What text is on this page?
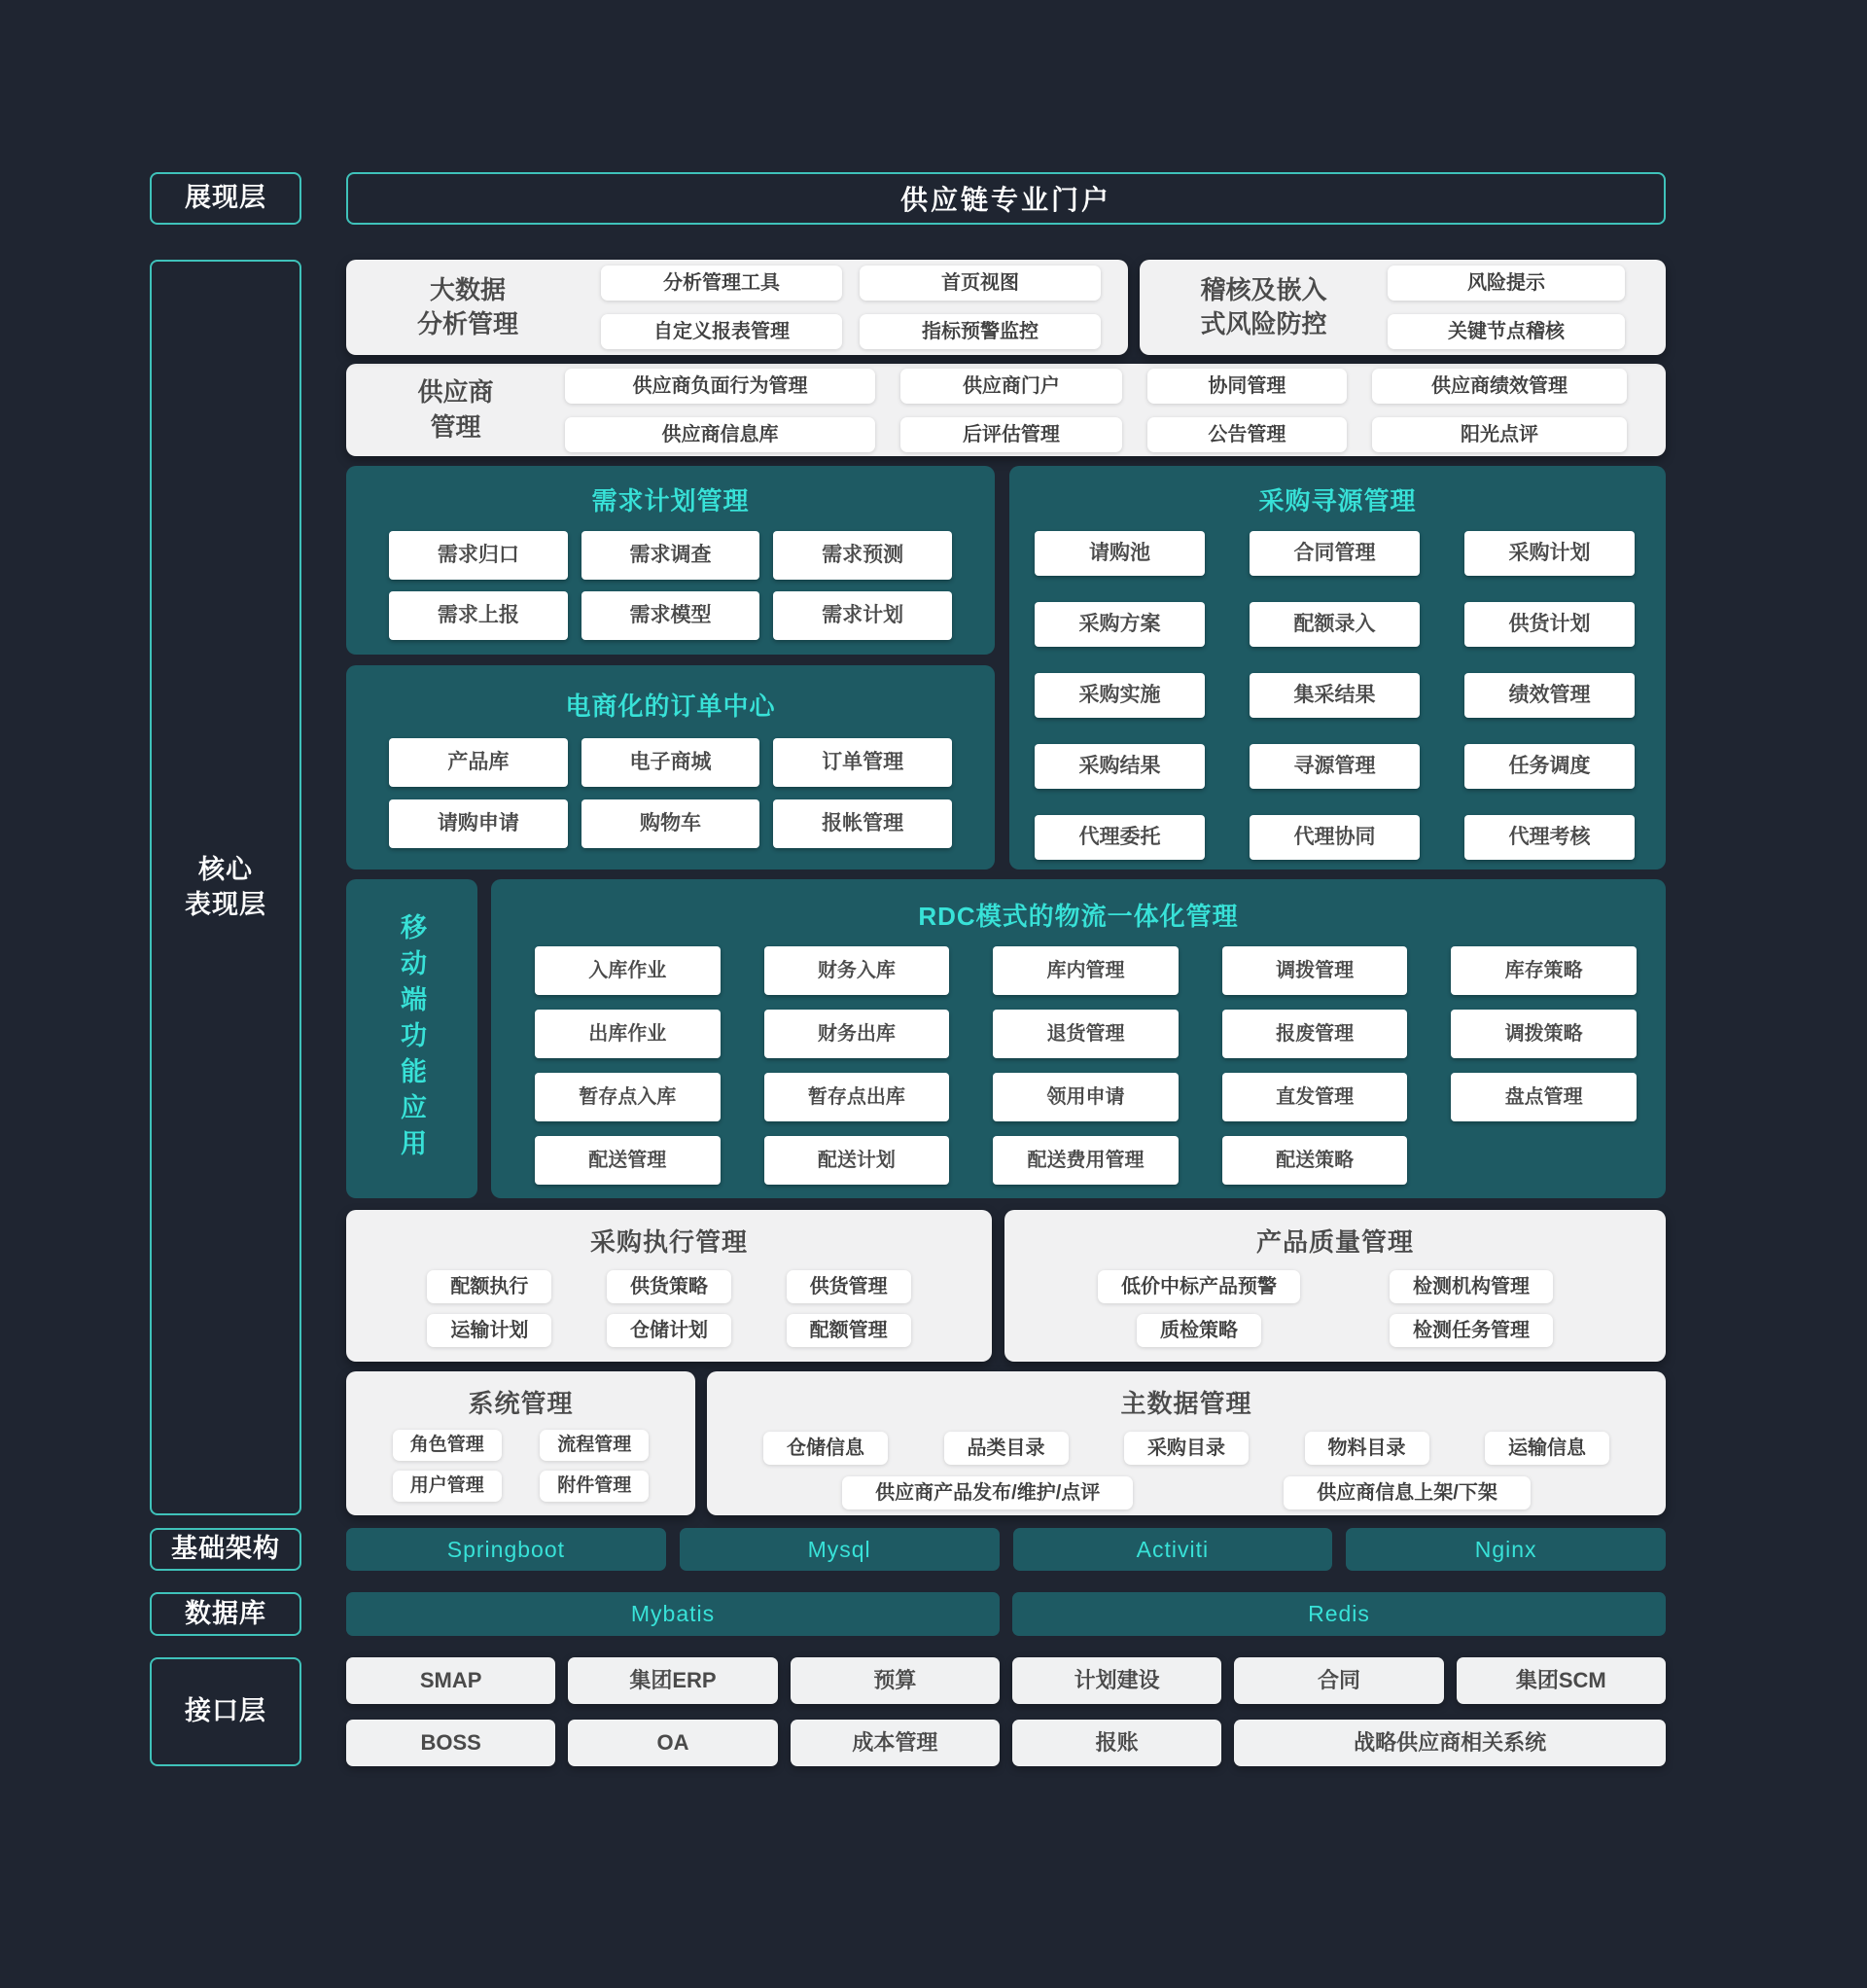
展现层
核心
表现层
基础架构
数据库
接口层
供应链专业门户
大数据
分析管理
分析管理工具	首页视图
自定义报表管理	指标预警监控
稽核及嵌入
式风险防控
风险提示
关键节点稽核
供应商
管理
供应商负面行为管理	供应商门户	协同管理	供应商绩效管理
供应商信息库	后评估管理	公告管理	阳光点评
需求计划管理
需求归口	需求调查	需求预测
需求上报	需求模型	需求计划
电商化的订单中心
产品库	电子商城	订单管理
请购申请	购物车	报帐管理
采购寻源管理
请购池	合同管理	采购计划
采购方案	配额录入	供货计划
采购实施	集采结果	绩效管理
采购结果	寻源管理	任务调度
代理委托	代理协同	代理考核
移动端功能应用	RDC模式的物流一体化管理
入库作业	财务入库	库内管理	调拨管理	库存策略
出库作业	财务出库	退货管理	报废管理	调拨策略
暂存点入库	暂存点出库	领用申请	直发管理	盘点管理
配送管理	配送计划	配送费用管理	配送策略
采购执行管理
配额执行	供货策略	供货管理
运输计划	仓储计划	配额管理
产品质量管理
低价中标产品预警	检测机构管理
质检策略	检测任务管理
系统管理
角色管理	流程管理
用户管理	附件管理
主数据管理
仓储信息	品类目录	采购目录	物料目录	运输信息
供应商产品发布/维护/点评	供应商信息上架/下架
Springboot	Mysql	Activiti	Nginx
Mybatis	Redis
SMAP	集团ERP	预算	计划建设	合同	集团SCM
BOSS	OA	成本管理	报账	战略供应商相关系统
